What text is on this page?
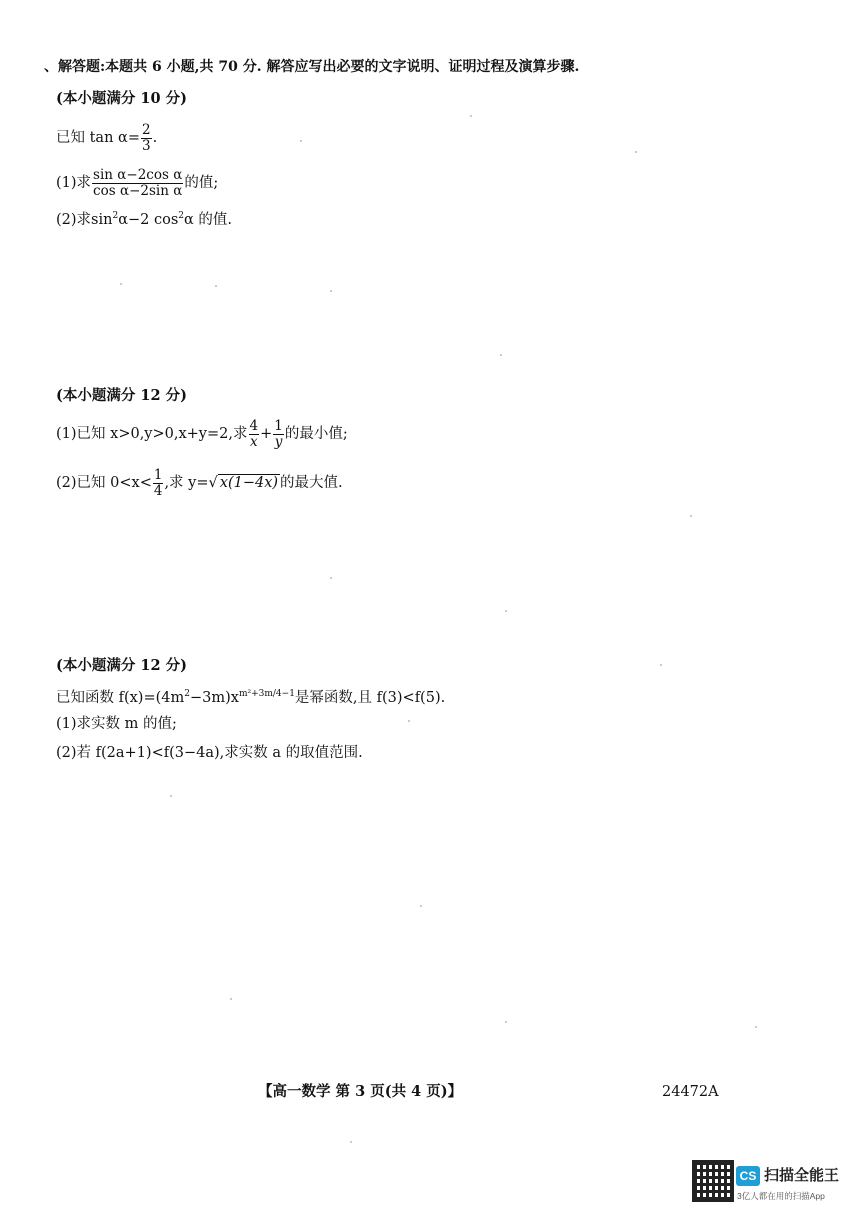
、解答题:本题共 6 小题,共 70 分. 解答应写出必要的文字说明、证明过程及演算步骤.
(本小题满分 10 分)
已知 $\tan \alpha= \frac{2}{3}$ .
(1)求 $\frac{\text{sin α−2cos α}}{\text{cos α−2sin α}}$ 的值;
(2)求$\sin^2\alpha-2$ $\cos^2\alpha$ 的值.
(本小题满分 12 分)
(1)已知 x>0,y>0,x+y=2,求 $\frac{4}{x} + \frac{1}{y}$ 的最小值;
(2)已知 $0<x< \frac{1}{4}$ ,求 y=√ x(1−4x) 的最大值.
(本小题满分 12 分)
已知函数 $f(x)=(4m^2-3m)x^{m^2+3m/4-1}$是幂函数,且 f(3)<f(5).
(1)求实数 m 的值;
(2)若 f(2a+1)<f(3−4a),求实数 a 的取值范围.
【高一数学 第 3 页(共 4 页)】	24472A
CS 扫描全能王
3亿人都在用的扫描App
